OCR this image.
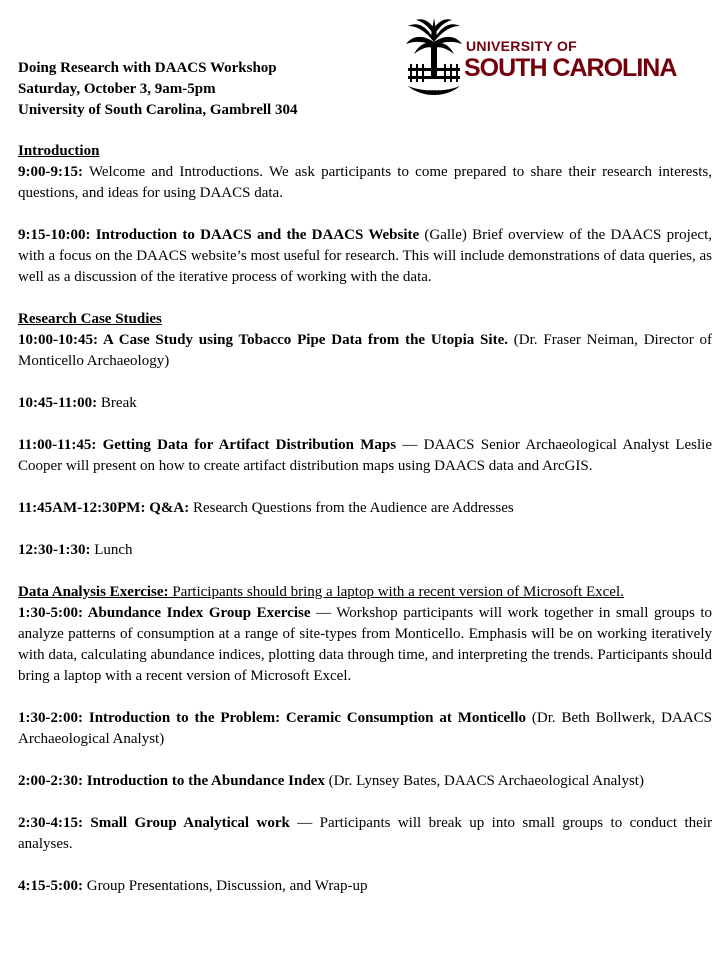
1801
UNIVERSITY OF
SOUTH CAROLINA
Doing Research with DAACS Workshop
Saturday, October 3, 9am-5pm
University of South Carolina, Gambrell 304

Introduction

9:00-9:15: Welcome and Introductions. We ask participants to come prepared to share their research interests, questions, and ideas for using DAACS data.

9:15-10:00: Introduction to DAACS and the DAACS Website (Galle) Brief overview of the DAACS project, with a focus on the DAACS website’s most useful for research. This will include demonstrations of data queries, as well as a discussion of the iterative process of working with the data.

Research Case Studies

10:00-10:45: A Case Study using Tobacco Pipe Data from the Utopia Site. (Dr. Fraser Neiman, Director of Monticello Archaeology)

10:45-11:00: Break

11:00-11:45: Getting Data for Artifact Distribution Maps — DAACS Senior Archaeological Analyst Leslie Cooper will present on how to create artifact distribution maps using DAACS data and ArcGIS.

11:45AM-12:30PM: Q&A: Research Questions from the Audience are Addresses

12:30-1:30: Lunch

Data Analysis Exercise: Participants should bring a laptop with a recent version of Microsoft Excel.

1:30-5:00: Abundance Index Group Exercise — Workshop participants will work together in small groups to analyze patterns of consumption at a range of site-types from Monticello. Emphasis will be on working iteratively with data, calculating abundance indices, plotting data through time, and interpreting the trends. Participants should bring a laptop with a recent version of Microsoft Excel.

1:30-2:00: Introduction to the Problem: Ceramic Consumption at Monticello (Dr. Beth Bollwerk, DAACS Archaeological Analyst)

2:00-2:30: Introduction to the Abundance Index (Dr. Lynsey Bates, DAACS Archaeological Analyst)

2:30-4:15: Small Group Analytical work — Participants will break up into small groups to conduct their analyses.

4:15-5:00: Group Presentations, Discussion, and Wrap-up
